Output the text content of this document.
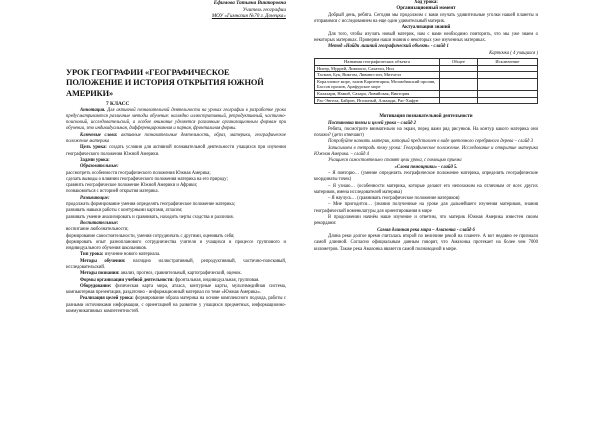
Ефимова Татьяна Викторовна
Учитель географии
МОУ «Гимназия №70 г. Донецка»
УРОК ГЕОГРАФИИ «ГЕОГРАФИЧЕСКОЕ ПОЛОЖЕНИЕ И ИСТОРИЯ ОТКРЫТИЯ ЮЖНОЙ АМЕРИКИ»
7 КЛАСС

Аннотация. Для активной познавательной деятельности на уроках географии в разработке урока предусматриваются различные методы обучения: наглядно иллюстративный, репродуктивный, частично-поисковый, исследовательский, а особое внимание уделяется различным организационным формам при обучении, это индивидуальная, дифференцированная и парная, фронтальная формы.

Ключевые слова: активные познавательные деятельность, образ, материки, географическое положение материка

Цель урока: создать условия для активной познавательной деятельности учащихся при изучении географического положения Южной Америки.

Задачи урока:

Образовательные:

рассмотреть особенности географического положения Южная Америка;

сделать выводы о влиянии географического положения материка на его природу;

сравнить географическое положение Южной Америки и Африки;

познакомиться с историей открытия материка.

Развивающие:

продолжать формирование умения определять географическое положение материка;

развивать навыки работы с контурными картами, атласом;

развивать умение анализировать и сравнивать, находить черты сходства и различия.

Воспитательные:

воспитание любознательности;

формирование самостоятельности, умения сотрудничать с другими, оценивать себя;

формировать опыт разнопланового сотрудничества учителя и учащихся в процессе группового и индивидуального обучения школьников.

Тип урока: изучение нового материала.

Методы обучения: наглядно иллюстративный, репродуктивный, частично-поисковый, исследовательский.

Методы познания: анализ, прогноз, сравнительный, картографический, оценок.

Формы организации учебной деятельности: фронтальная, индивидуальная, групповая.

Оборудование: физическая карта мира, атласа, контурные карты, мультимедийная система, компьютерная презентация, раздаточно - информационный материал по теме «Южная Америка».

Реализация целей урока: формирование образа материка на основе комплексного подхода, работы с разными источниками информации, с ориентацией на развитие у учащихся предметных, информационно-коммуникативных компетентностей.

Ход урока:

Организационный момент

Добрый день, ребята. Сегодня мы продолжим с вами изучать удивительные уголки нашей планеты и отправимся с исследованием на еще один удивительный материк.

Актуализация знаний

Для того, чтобы изучать новый материк, нам с вами необходимо повторить, что мы уже знаем о некоторых материках. Проверим наши знания о некоторых уже изученных материках.

Метод «Найди лишний географический объект» - слайд 1

Карточка ( 4 учащихся )

Названия географических объекта	Общее	Исключение
Нигер, Муррей, Лимпопо, Сахатхи, Нил		
Тасман, Бук, Виктом, Ливингстон, Митчелл		
Коралловое море, залив Карпентария, Мозамбикский пролив, Бассов пролив, Арафурское море		
Калахари, Намиб, Сахара, Ливийская, Виктория		
Рас-Энгела, Байрон, Игольный, Альмади, Рас-Хафун		

Мотивация познавательной деятельности

Постановка темы и целей урока – слайд 2

Ребята, посмотрите внимательно на экран, перед вами ряд рисунков. На контур какого материка они похожи? (дети отвечают)

Попробуйте назвать материк, который представлен в виде цветочного серебряного дерева – слайд 3

Записываем в тетрадь тему урока: Географическое положение. Исследование и открытие материка Южная Америка. – слайд 4

Учащиеся самостоятельно ставят цели урока, с помощью приема

«Слова помощники» - слайд 5.

– Я повторю… (умение определять географическое положение материка, определять географические координаты точек)

– Я узнаю… (особенности материка, которые делают его непохожим на отличным от всех других материков, имена исследователей материка)

– Я научусь… (сравнивать географическое положение материков)

– Мне пригодится… (знания полученные на уроке для дальнейшего изучения материков, знания географической номенклатуры для ориентирования в мире

В продолжении начнём наше изучение и ответим, что материк Южная Америка известен своим рекордами:

Самая длинная река мира – Амазонка - слайд 6

Длина реки долгое время считалась второй по величине рекой на планете. А вот недавно ее признали самой длинной. Согласно официальным данным говорят, что Амазонка протекает на более чем 7000 километров. Также река Амазонка является самой полноводной в мире.
